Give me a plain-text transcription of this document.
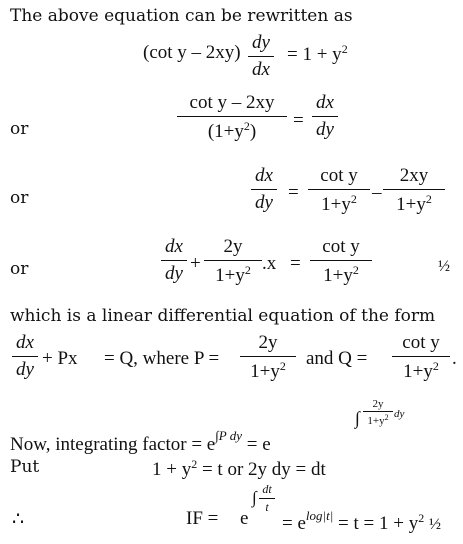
The above equation can be rewritten as
(cot y – 2xy) dy
dx
= $1 + y^2$
or
cot y – 2xy
$(1+y^2)$
=
dx
dy
or
dx
dy =
cot y
$1+y^2$ –
2xy
$1+y^2$
or
dx
dy +
2y
$1+y^2$ .x =
cot y
$1+y^2$	½
which is a linear differential equation of the form
dx
dy
+ Px = Q, where P =
2y
$1+y^2$	and Q =
cot y
$1+y^2$ .
Now, integrating factor = $e^{\int P dy} = e$
∫
2y
$1+y^2$ dy
Put	$1 + y^2 = t$ or 2y dy = dt
∴	IF = e
∫ dt
t
= $e^{log|t|} = t = 1 + y^2$ ½
